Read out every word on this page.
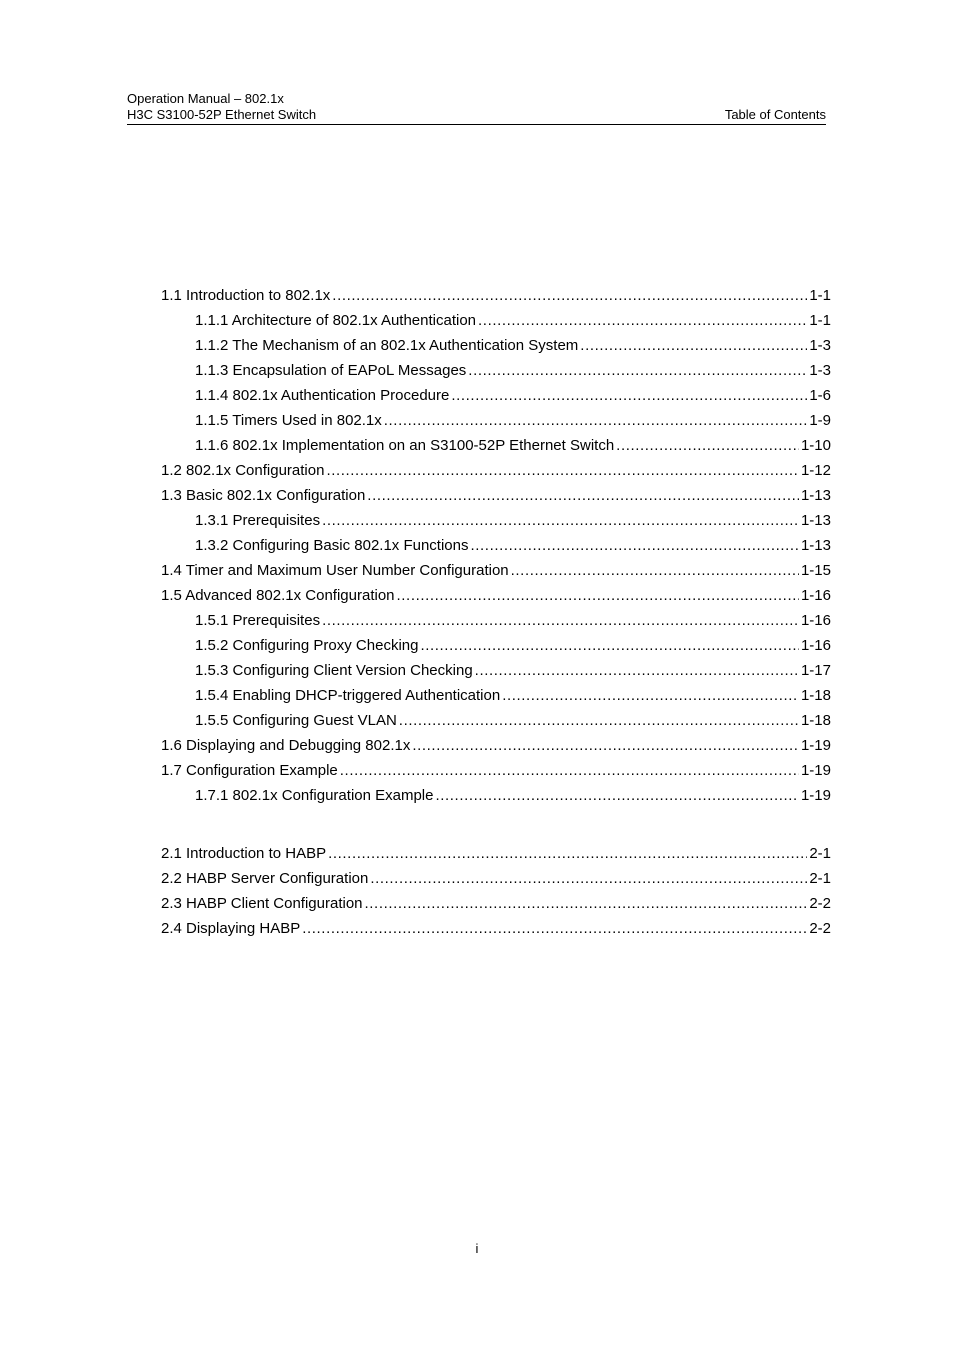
Operation Manual – 802.1x
H3C S3100-52P Ethernet Switch	Table of Contents
1.1 Introduction to 802.1x .....	1-1
1.1.1 Architecture of 802.1x Authentication .....	1-1
1.1.2 The Mechanism of an 802.1x Authentication System .....	1-3
1.1.3 Encapsulation of EAPoL Messages .....	1-3
1.1.4 802.1x Authentication Procedure .....	1-6
1.1.5 Timers Used in 802.1x .....	1-9
1.1.6 802.1x Implementation on an S3100-52P Ethernet Switch .....	1-10
1.2 802.1x Configuration .....	1-12
1.3 Basic 802.1x Configuration .....	1-13
1.3.1 Prerequisites .....	1-13
1.3.2 Configuring Basic 802.1x Functions .....	1-13
1.4 Timer and Maximum User Number Configuration .....	1-15
1.5 Advanced 802.1x Configuration .....	1-16
1.5.1 Prerequisites .....	1-16
1.5.2 Configuring Proxy Checking .....	1-16
1.5.3 Configuring Client Version Checking .....	1-17
1.5.4 Enabling DHCP-triggered Authentication .....	1-18
1.5.5 Configuring Guest VLAN .....	1-18
1.6 Displaying and Debugging 802.1x .....	1-19
1.7 Configuration Example .....	1-19
1.7.1 802.1x Configuration Example .....	1-19
2.1 Introduction to HABP .....	2-1
2.2 HABP Server Configuration .....	2-1
2.3 HABP Client Configuration .....	2-2
2.4 Displaying HABP .....	2-2
i
